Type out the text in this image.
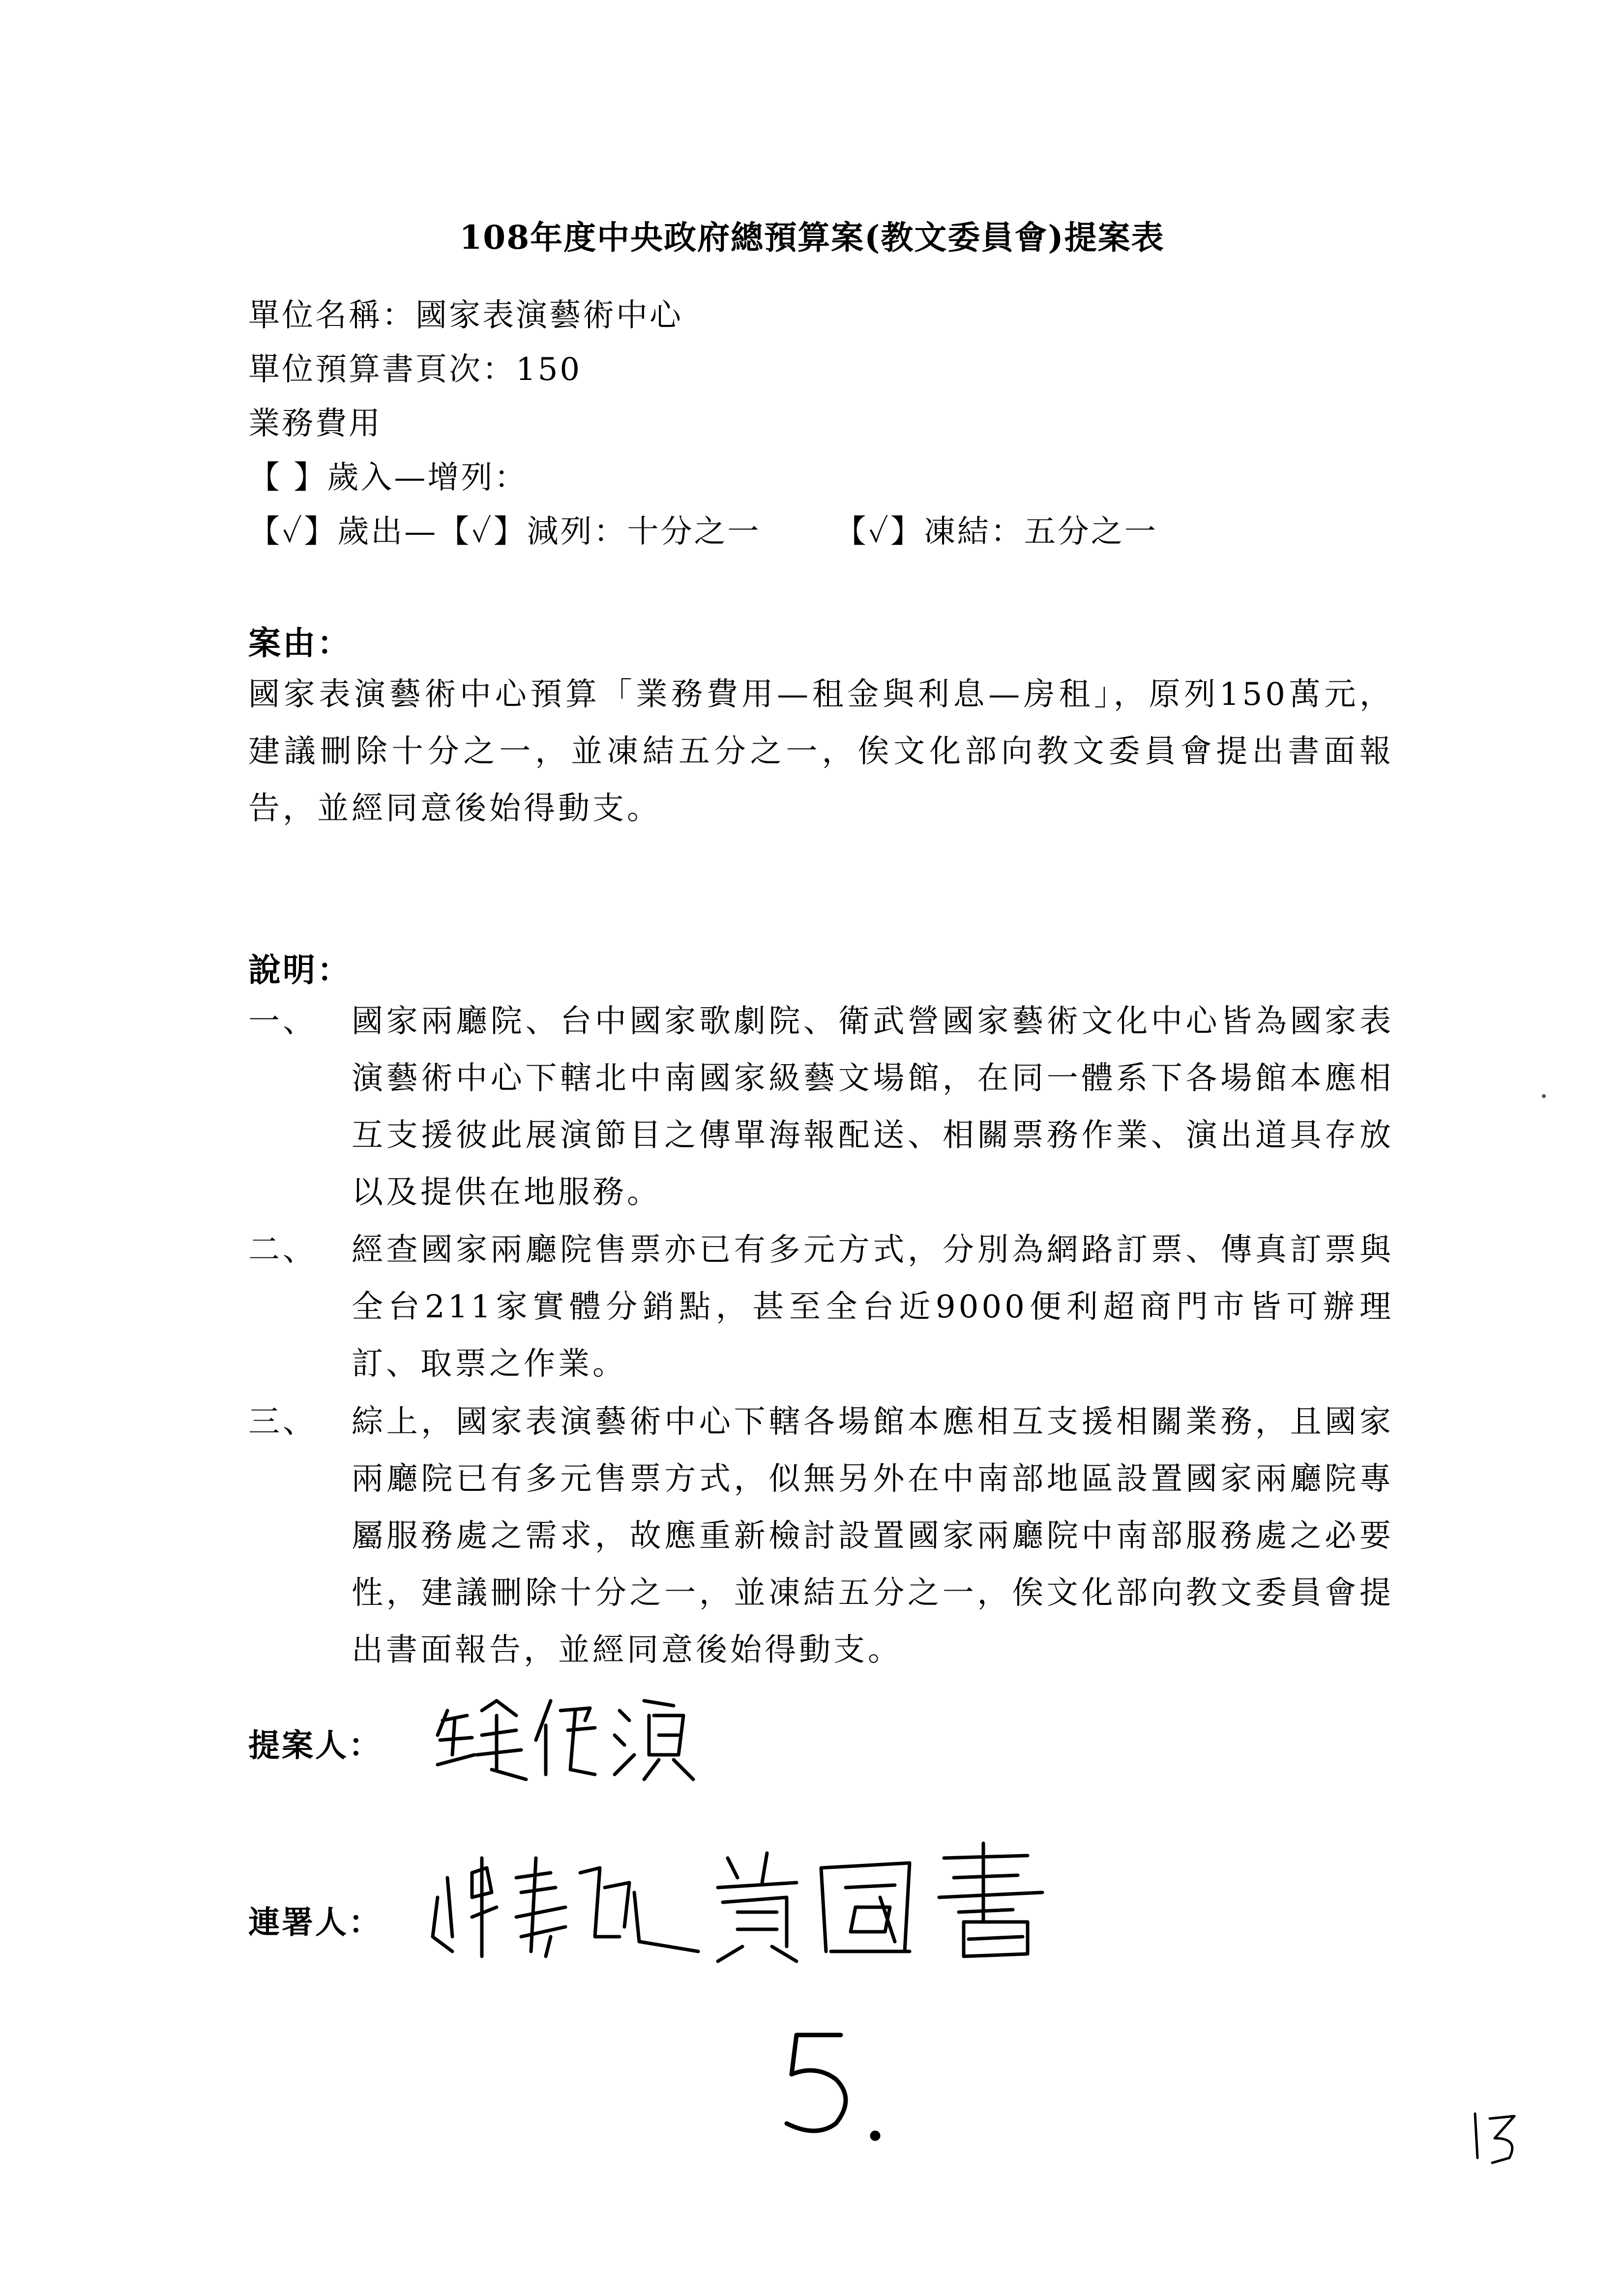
108年度中央政府總預算案(教文委員會)提案表
單位名稱：國家表演藝術中心
單位預算書頁次：150
業務費用
【 】歲入—增列：
【✓】歲出—【✓】減列：十分之一 【✓】凍結：五分之一
案由：
國家表演藝術中心預算「業務費用—租金與利息—房租」，原列150萬元，建議刪除十分之一，並凍結五分之一，俟文化部向教文委員會提出書面報告，並經同意後始得動支。
說明：
一、	國家兩廳院、台中國家歌劇院、衛武營國家藝術文化中心皆為國家表演藝術中心下轄北中南國家級藝文場館，在同一體系下各場館本應相互支援彼此展演節目之傳單海報配送、相關票務作業、演出道具存放以及提供在地服務。
二、	經查國家兩廳院售票亦已有多元方式，分別為網路訂票、傳真訂票與全台211家實體分銷點，甚至全台近9000便利超商門市皆可辦理訂、取票之作業。
三、	綜上，國家表演藝術中心下轄各場館本應相互支援相關業務，且國家兩廳院已有多元售票方式，似無另外在中南部地區設置國家兩廳院專屬服務處之需求，故應重新檢討設置國家兩廳院中南部服務處之必要性，建議刪除十分之一，並凍結五分之一，俟文化部向教文委員會提出書面報告，並經同意後始得動支。
提案人：
連署人：
